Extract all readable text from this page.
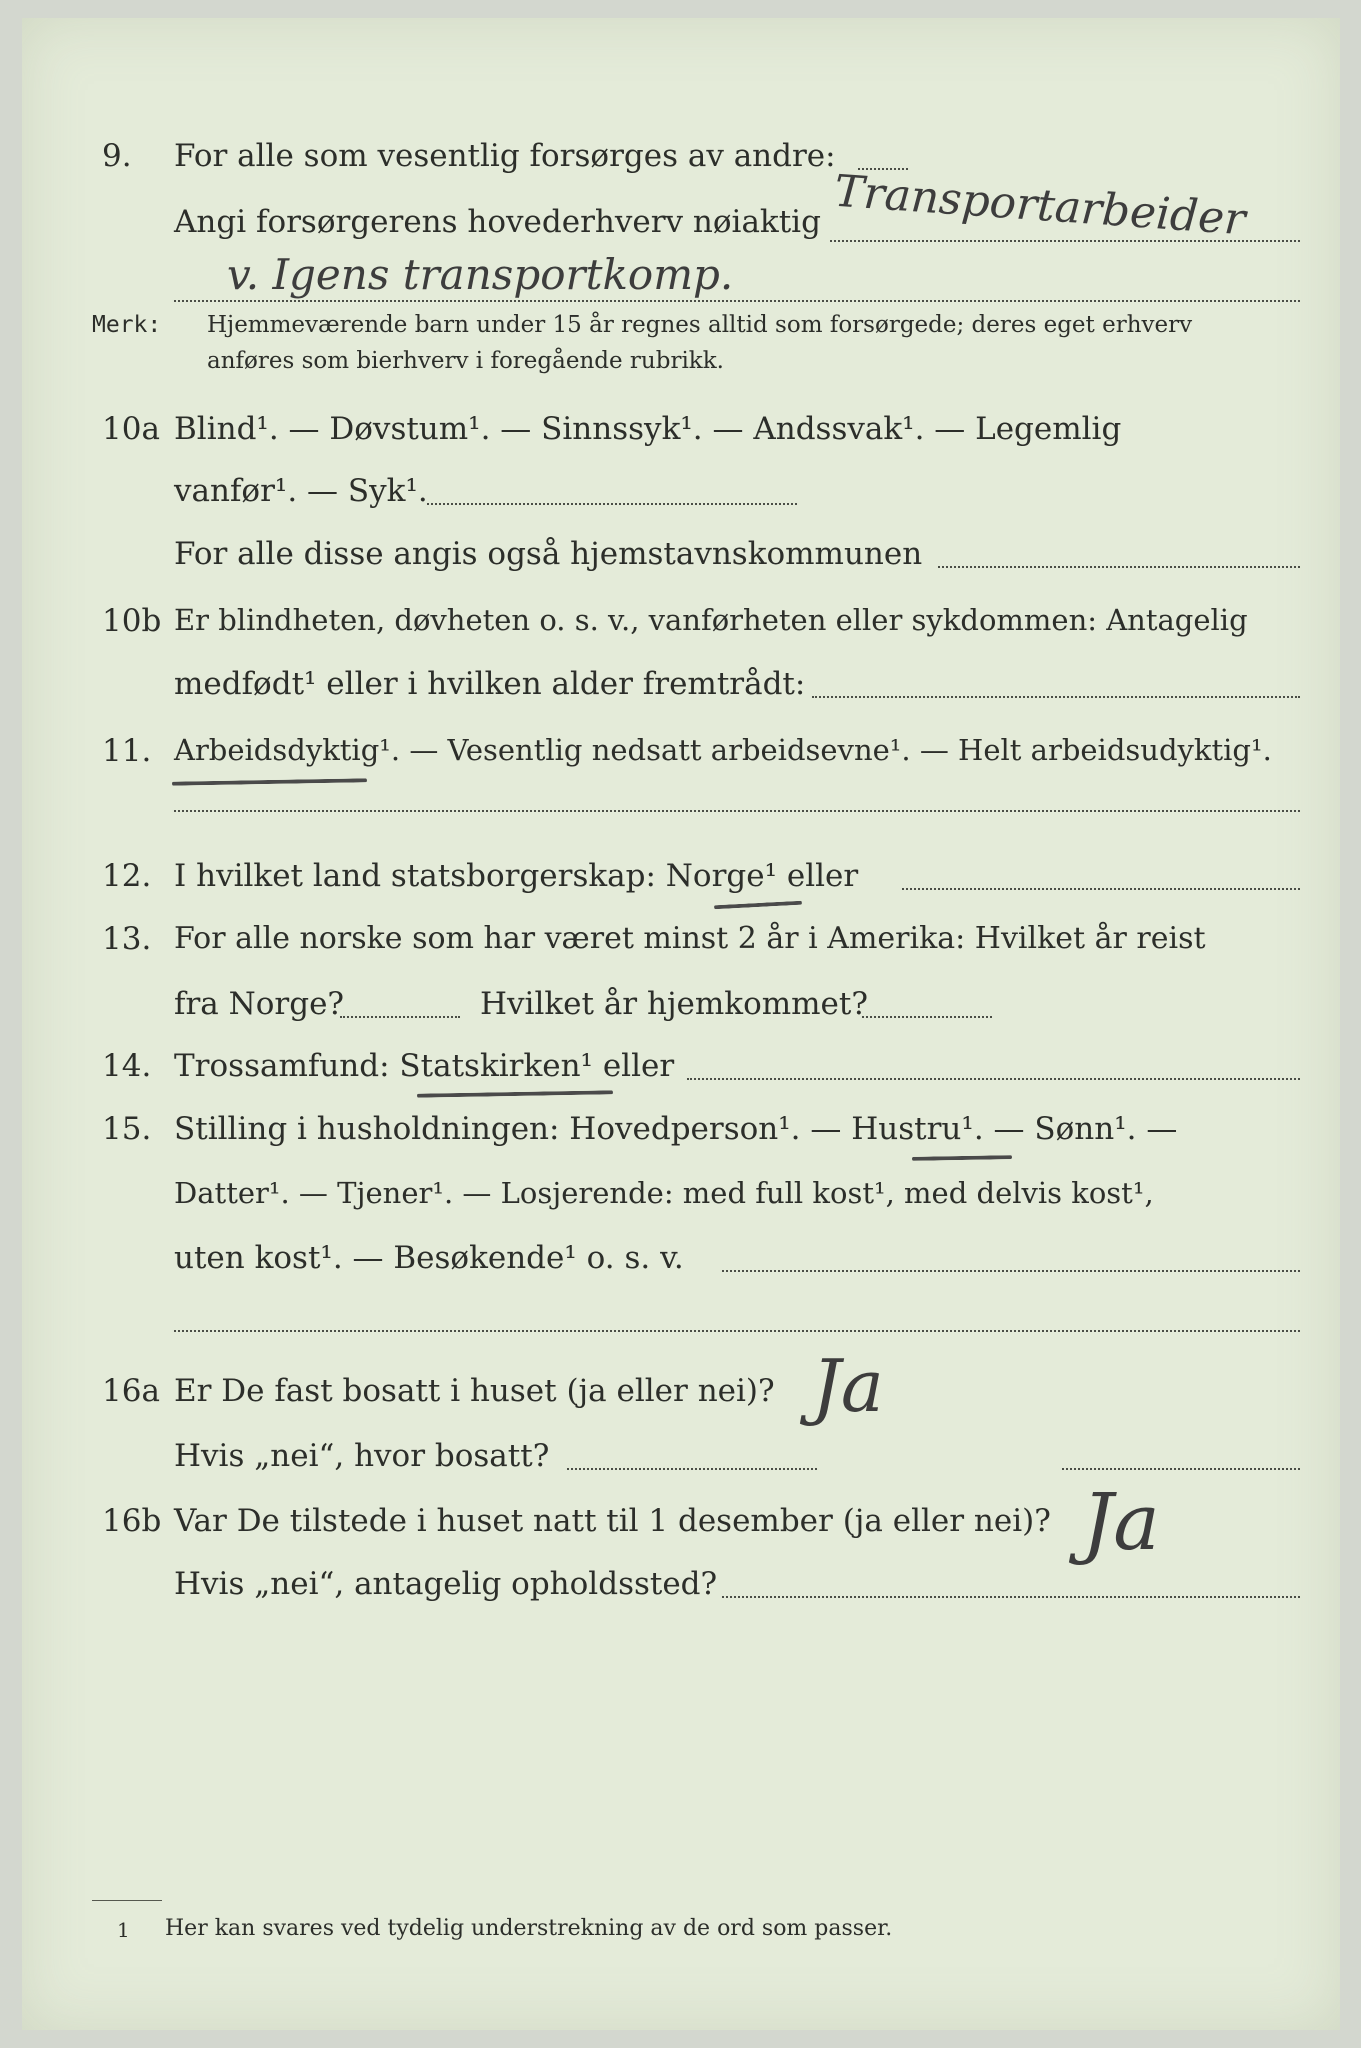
9. For alle som vesentlig forsørges av andre:
Angi forsørgerens hovederhverv nøiaktig Transportarbeider
v. Igens transportkomp.
Merk: Hjemmeværende barn under 15 år regnes alltid som forsørgede; deres eget erhverv
anføres som bierhverv i foregående rubrikk.
10a Blind¹. — Døvstum¹. — Sinnssyk¹. — Andssvak¹. — Legemlig
vanfør¹. — Syk¹.
For alle disse angis også hjemstavnskommunen
10b Er blindheten, døvheten o. s. v., vanførheten eller sykdommen: Antagelig
medfødt¹ eller i hvilken alder fremtrådt:
11. Arbeidsdyktig¹. — Vesentlig nedsatt arbeidsevne¹. — Helt arbeidsudyktig¹.
12. I hvilket land statsborgerskap: Norge¹ eller
13. For alle norske som har været minst 2 år i Amerika: Hvilket år reist
fra Norge?	Hvilket år hjemkommet?
14. Trossamfund: Statskirken¹ eller
15. Stilling i husholdningen: Hovedperson¹. — Hustru¹. — Sønn¹. —
Datter¹. — Tjener¹. — Losjerende: med full kost¹, med delvis kost¹,
uten kost¹. — Besøkende¹ o. s. v.
16a Er De fast bosatt i huset (ja eller nei)? Ja
Hvis „nei“, hvor bosatt?
16b Var De tilstede i huset natt til 1 desember (ja eller nei)? Ja
Hvis „nei“, antagelig opholdssted?
1 Her kan svares ved tydelig understrekning av de ord som passer.
